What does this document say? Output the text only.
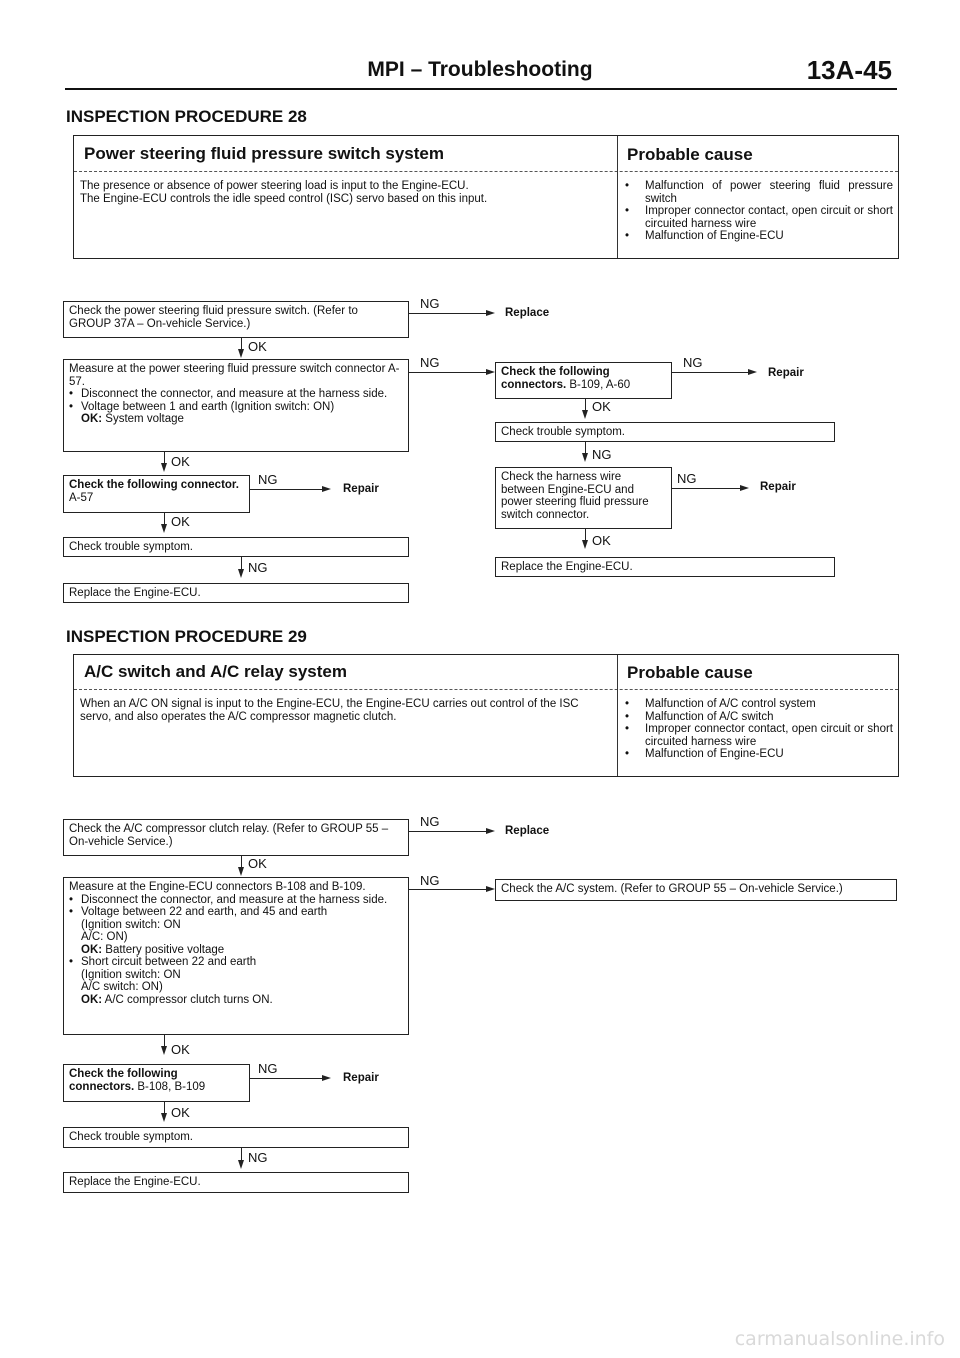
MPI – Troubleshooting	13A-45
INSPECTION PROCEDURE 28
Power steering fluid pressure switch system	Probable cause
The presence or absence of power steering load is input to the Engine-ECU.
The Engine-ECU controls the idle speed control (ISC) servo based on this input.
• Malfunction of power steering fluid pressure switch
• Improper connector contact, open circuit or short circuited harness wire
• Malfunction of Engine-ECU
Check the power steering fluid pressure switch. (Refer to GROUP 37A – On-vehicle Service.)
OK
Measure at the power steering fluid pressure switch connector A-57.
• Disconnect the connector, and measure at the harness side.
• Voltage between 1 and earth (Ignition switch: ON)
OK: System voltage
OK
Check the following connector. A-57
OK
Check trouble symptom.
NG
Replace the Engine-ECU.
NG
Replace
NG
NG
Repair
Check the following connectors. B-109, A-60
NG
Repair
OK
Check trouble symptom.
NG
Check the harness wire between Engine-ECU and power steering fluid pressure switch connector.
NG
Repair
OK
Replace the Engine-ECU.
INSPECTION PROCEDURE 29
A/C switch and A/C relay system	Probable cause
When an A/C ON signal is input to the Engine-ECU, the Engine-ECU carries out control of the ISC servo, and also operates the A/C compressor magnetic clutch.
• Malfunction of A/C control system
• Malfunction of A/C switch
• Improper connector contact, open circuit or short circuited harness wire
• Malfunction of Engine-ECU
Check the A/C compressor clutch relay. (Refer to GROUP 55 – On-vehicle Service.)
NG
Replace
OK
Measure at the Engine-ECU connectors B-108 and B-109.
• Disconnect the connector, and measure at the harness side.
• Voltage between 22 and earth, and 45 and earth
(Ignition switch: ON
A/C: ON)
OK: Battery positive voltage
• Short circuit between 22 and earth
(Ignition switch: ON
A/C switch: ON)
OK: A/C compressor clutch turns ON.
NG
Check the A/C system. (Refer to GROUP 55 – On-vehicle Service.)
OK
Check the following connectors. B-108, B-109
NG
Repair
OK
Check trouble symptom.
NG
Replace the Engine-ECU.
carmanualsonline.info
